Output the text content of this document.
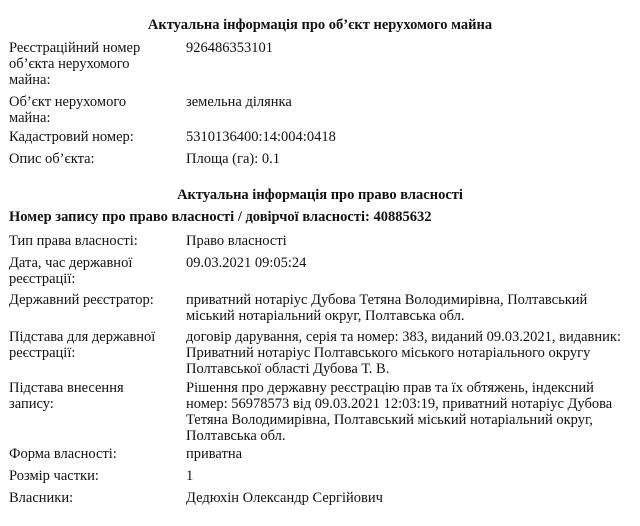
Актуальна інформація про об’єкт нерухомого майна
Реєстраційний номер об’єкта нерухомого майна:
926486353101
Об’єкт нерухомого майна:
земельна ділянка
Кадастровий номер:	5310136400:14:004:0418
Опис об’єкта:	Площа (га): 0.1
Актуальна інформація про право власності
Номер запису про право власності / довірчої власності: 40885632
Тип права власності:	Право власності
Дата, час державної реєстрації:
09.03.2021 09:05:24
Державний реєстратор:	приватний нотаріус Дубова Тетяна Володимирівна, Полтавський міський нотаріальний округ, Полтавська обл.
Підстава для державної реєстрації:
договір дарування, серія та номер: 383, виданий 09.03.2021, видавник: Приватний нотаріус Полтавського міського нотаріального округу Полтавської області Дубова Т. В.
Підстава внесення запису:
Рішення про державну реєстрацію прав та їх обтяжень, індексний номер: 56978573 від 09.03.2021 12:03:19, приватний нотаріус Дубова Тетяна Володимирівна, Полтавський міський нотаріальний округ, Полтавська обл.
Форма власності:	приватна
Розмір частки:	1
Власники:	Дедюхін Олександр Сергійович
